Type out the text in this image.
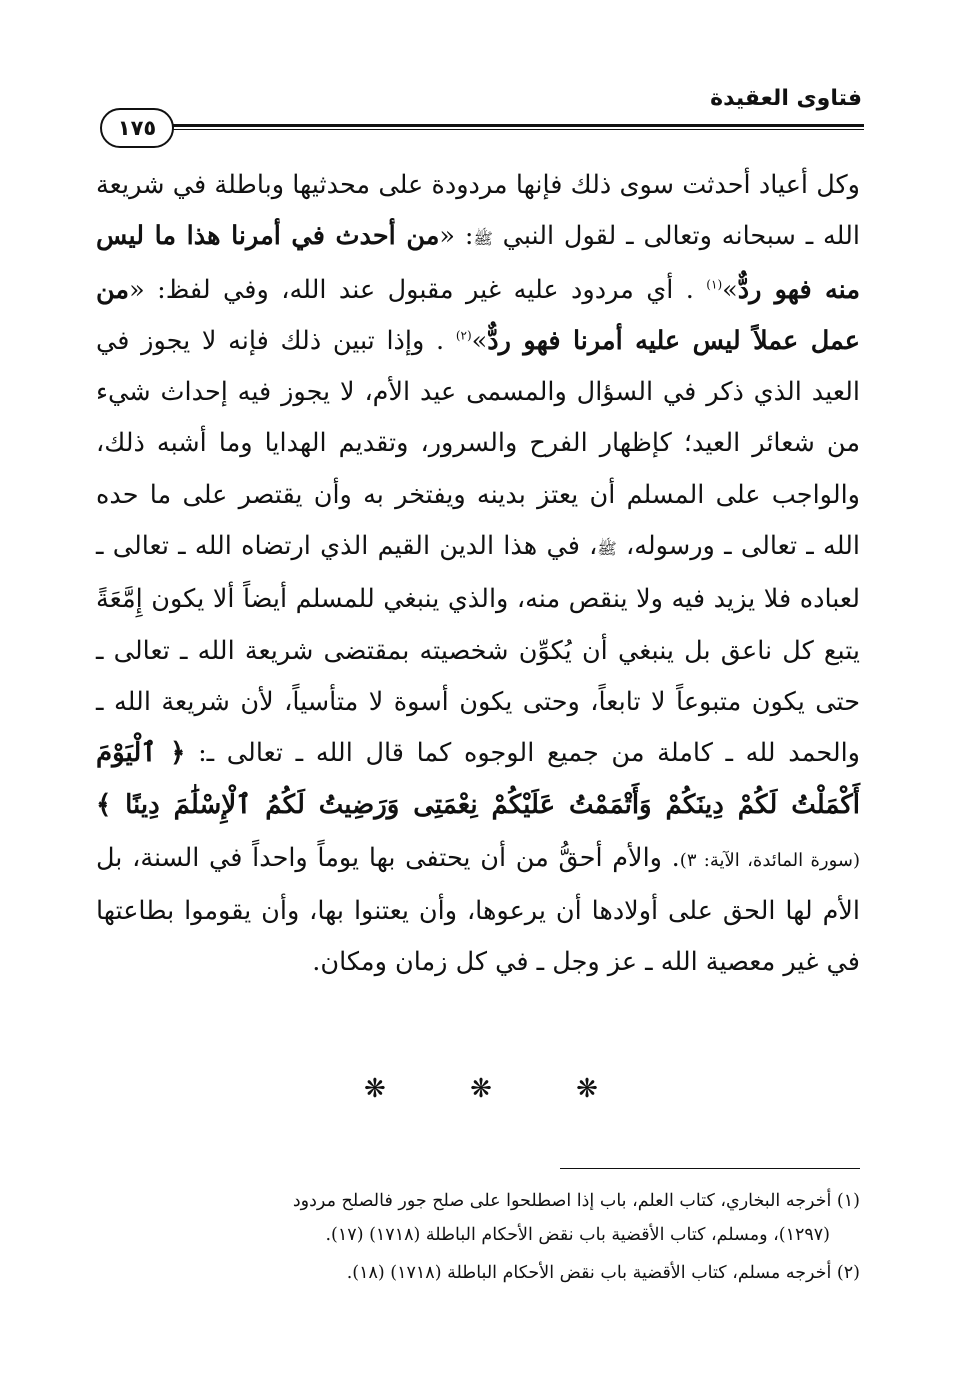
فتاوى العقيدة
١٧٥
وكل أعياد أحدثت سوى ذلك فإنها مردودة على محدثيها وباطلة في شريعة الله ـ سبحانه وتعالى ـ لقول النبي ﷺ: «من أحدث في أمرنا هذا ما ليس منه فهو ردٌّ»$^{(١)}$ . أي مردود عليه غير مقبول عند الله، وفي لفظ: «من عمل عملاً ليس عليه أمرنا فهو ردٌّ»$^{(٢)}$ . وإذا تبين ذلك فإنه لا يجوز في العيد الذي ذكر في السؤال والمسمى عيد الأم، لا يجوز فيه إحداث شيء من شعائر العيد؛ كإظهار الفرح والسرور، وتقديم الهدايا وما أشبه ذلك، والواجب على المسلم أن يعتز بدينه ويفتخر به وأن يقتصر على ما حده الله ـ تعالى ـ ورسوله، ﷺ، في هذا الدين القيم الذي ارتضاه الله ـ تعالى ـ لعباده فلا يزيد فيه ولا ينقص منه، والذي ينبغي للمسلم أيضاً ألا يكون إِمَّعَةً يتبع كل ناعق بل ينبغي أن يُكوِّن شخصيته بمقتضى شريعة الله ـ تعالى ـ حتى يكون متبوعاً لا تابعاً، وحتى يكون أسوة لا متأسياً، لأن شريعة الله ـ والحمد لله ـ كاملة من جميع الوجوه كما قال الله ـ تعالى ـ: ﴿ ٱلْيَوْمَ أَكْمَلْتُ لَكُمْ دِينَكُمْ وَأَتْمَمْتُ عَلَيْكُمْ نِعْمَتِى وَرَضِيتُ لَكُمُ ٱلْإِسْلَٰمَ دِينًا ﴾ (سورة المائدة، الآية: ٣). والأم أحقُّ من أن يحتفى بها يوماً واحداً في السنة، بل الأم لها الحق على أولادها أن يرعوها، وأن يعتنوا بها، وأن يقوموا بطاعتها في غير معصية الله ـ عز وجل ـ في كل زمان ومكان.
❋ ❋ ❋
(١) أخرجه البخاري، كتاب العلم، باب إذا اصطلحوا على صلح جور فالصلح مردود
(١٢٩٧)، ومسلم، كتاب الأقضية باب نقض الأحكام الباطلة (١٧١٨) (١٧).
(٢) أخرجه مسلم، كتاب الأقضية باب نقض الأحكام الباطلة (١٧١٨) (١٨).
